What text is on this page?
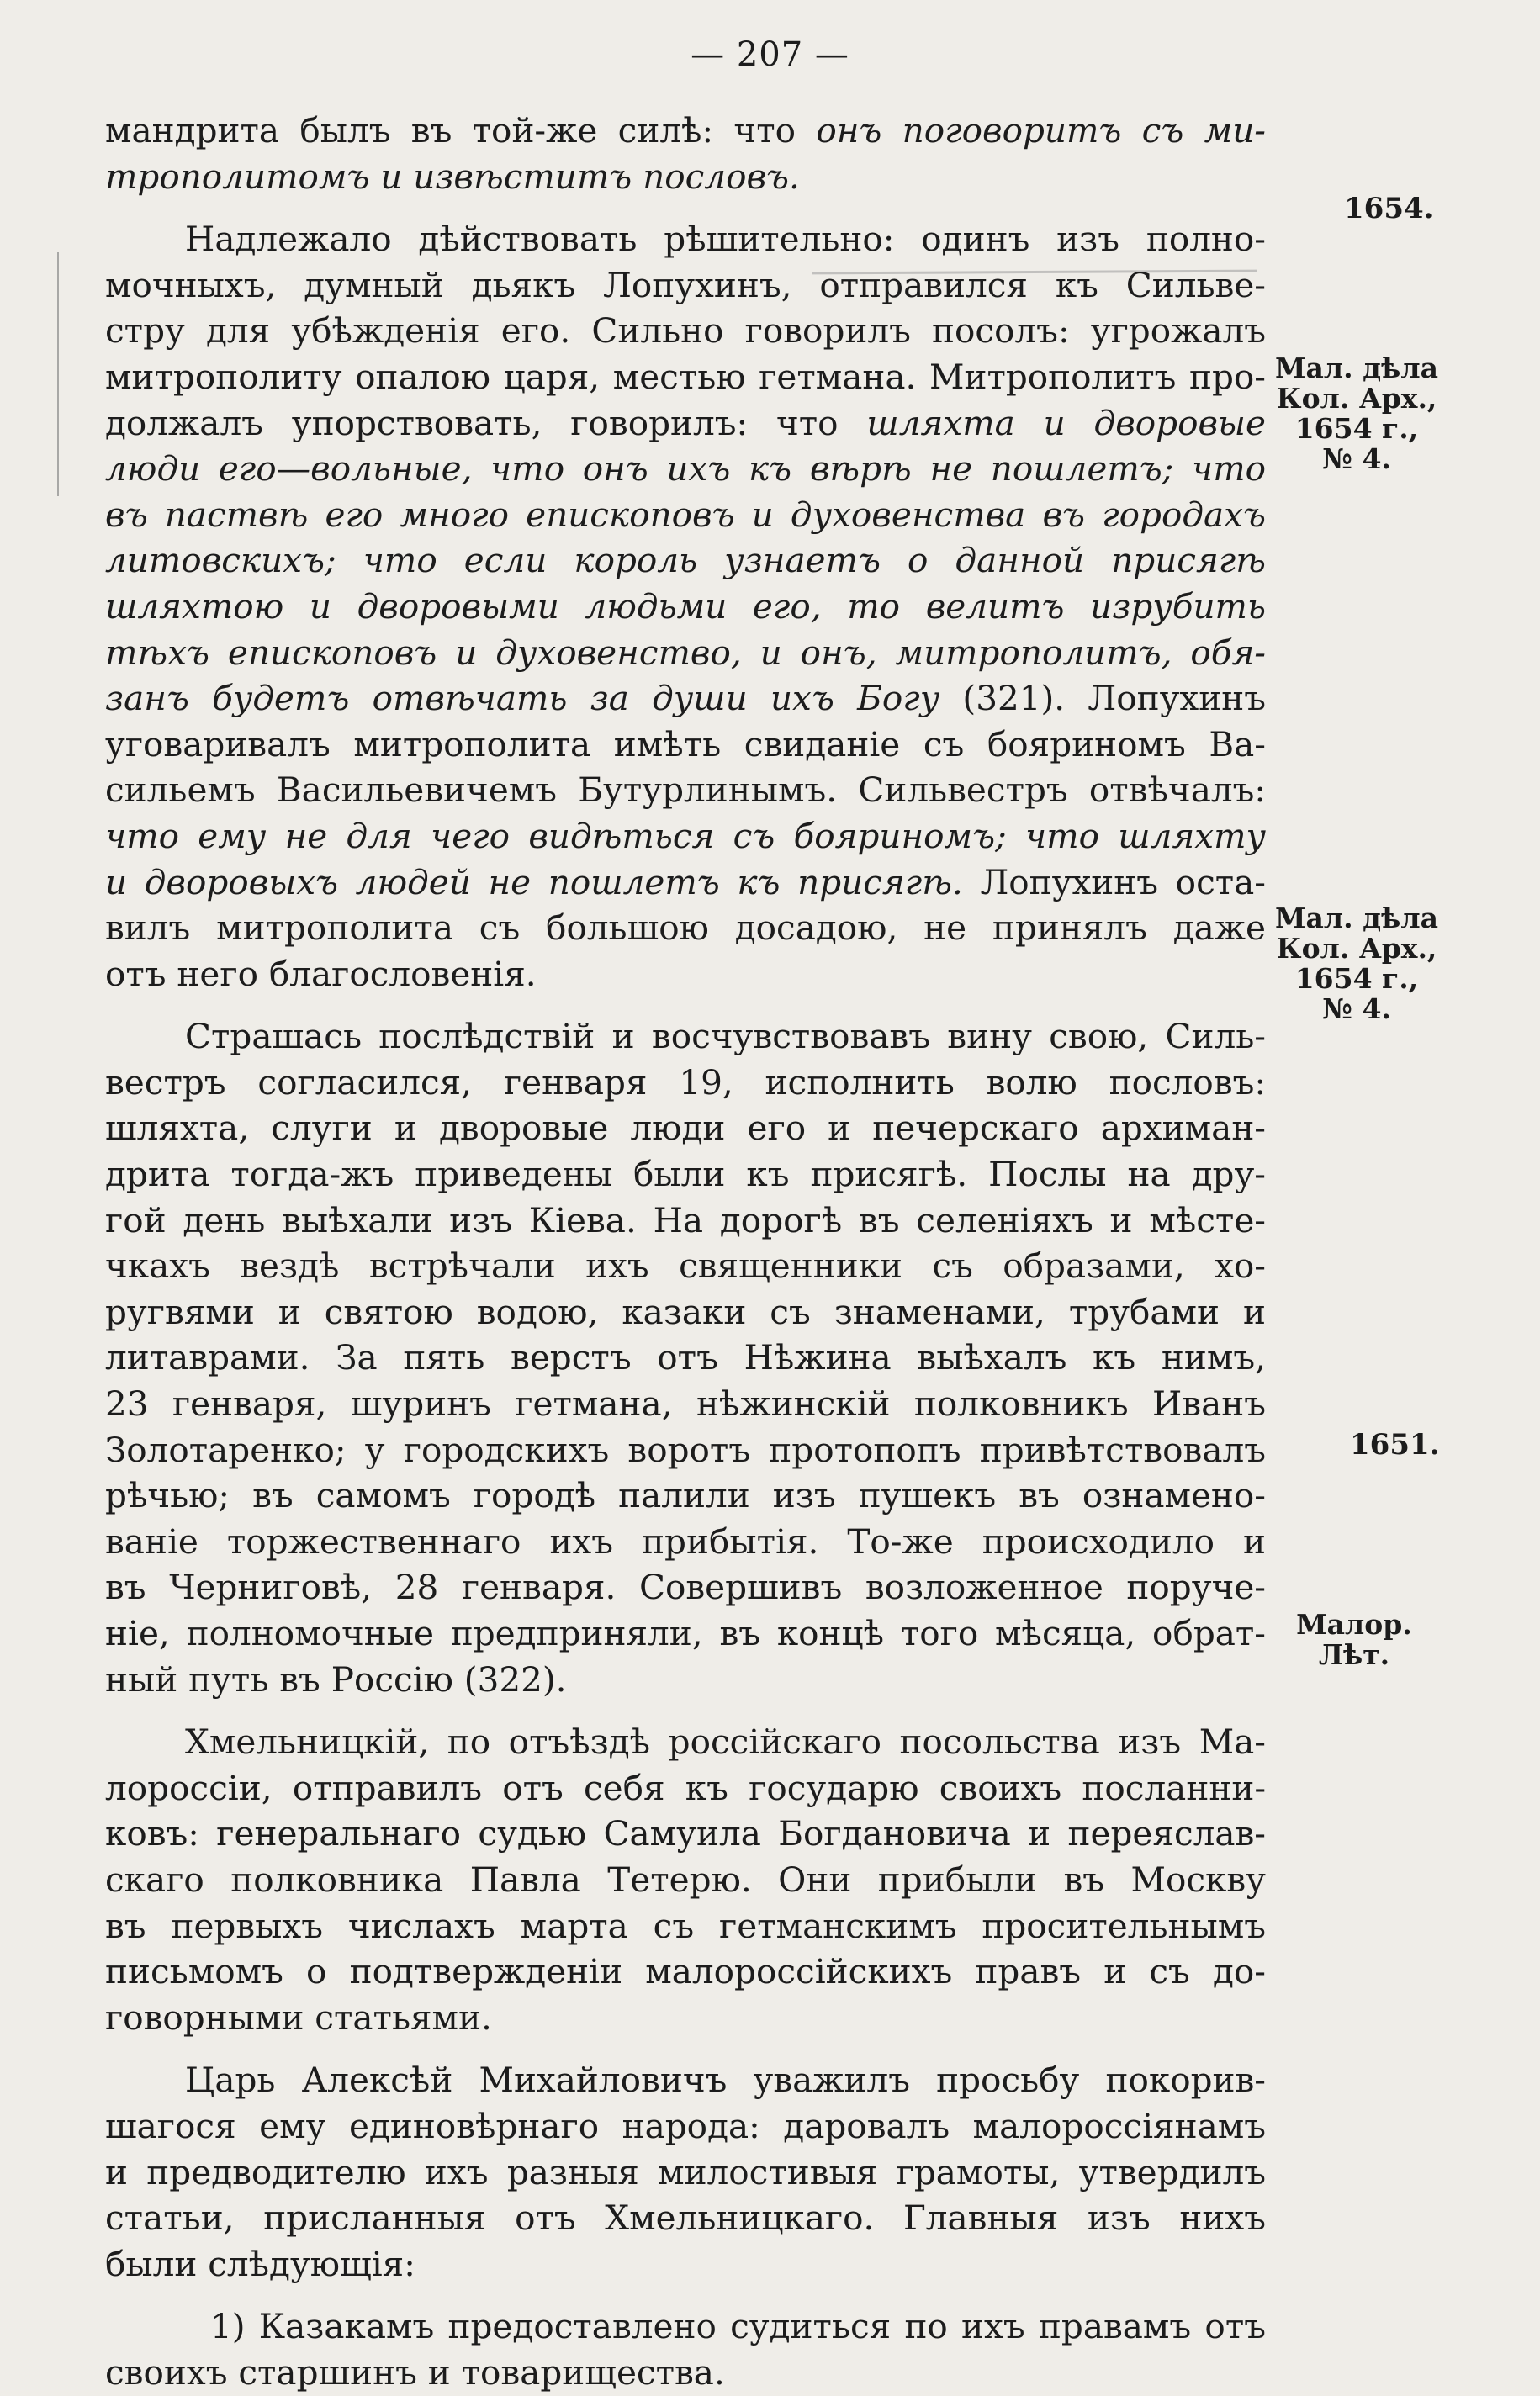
— 207 —
мандрита былъ въ той-же силѣ: что онъ поговоритъ съ ми-
трополитомъ и извѣститъ пословъ.
Надлежало дѣйствовать рѣшительно: одинъ изъ полно-
мочныхъ, думный дьякъ Лопухинъ, отправился къ Сильве-
стру для убѣжденія его. Сильно говорилъ посолъ: угрожалъ
митрополиту опалою царя, местью гетмана. Митрополитъ про-
должалъ упорствовать, говорилъ: что шляхта и дворовые
люди его—вольные, что онъ ихъ къ вѣрѣ не пошлетъ; что
въ паствѣ его много епископовъ и духовенства въ городахъ
литовскихъ; что если король узнаетъ о данной присягѣ
шляхтою и дворовыми людьми его, то велитъ изрубить
тѣхъ епископовъ и духовенство, и онъ, митрополитъ, обя-
занъ будетъ отвѣчать за души ихъ Богу (321). Лопухинъ
уговаривалъ митрополита имѣть свиданіе съ бояриномъ Ва-
сильемъ Васильевичемъ Бутурлинымъ. Сильвестръ отвѣчалъ:
что ему не для чего видѣться съ бояриномъ; что шляхту
и дворовыхъ людей не пошлетъ къ присягѣ. Лопухинъ оста-
вилъ митрополита съ большою досадою, не принялъ даже
отъ него благословенія.
Страшась послѣдствій и восчувствовавъ вину свою, Силь-
вестръ согласился, генваря 19, исполнить волю пословъ:
шляхта, слуги и дворовые люди его и печерскаго архиман-
дрита тогда-жъ приведены были къ присягѣ. Послы на дру-
гой день выѣхали изъ Кіева. На дорогѣ въ селеніяхъ и мѣсте-
чкахъ вездѣ встрѣчали ихъ священники съ образами, хо-
ругвями и святою водою, казаки съ знаменами, трубами и
литаврами. За пять верстъ отъ Нѣжина выѣхалъ къ нимъ,
23 генваря, шуринъ гетмана, нѣжинскій полковникъ Иванъ
Золотаренко; у городскихъ воротъ протопопъ привѣтствовалъ
рѣчью; въ самомъ городѣ палили изъ пушекъ въ ознамено-
ваніе торжественнаго ихъ прибытія. То-же происходило и
въ Черниговѣ, 28 генваря. Совершивъ возложенное поруче-
ніе, полномочные предприняли, въ концѣ того мѣсяца, обрат-
ный путь въ Россію (322).
Хмельницкій, по отъѣздѣ россійскаго посольства изъ Ма-
лороссіи, отправилъ отъ себя къ государю своихъ посланни-
ковъ: генеральнаго судью Самуила Богдановича и переяслав-
скаго полковника Павла Тетерю. Они прибыли въ Москву
въ первыхъ числахъ марта съ гетманскимъ просительнымъ
письмомъ о подтвержденіи малороссійскихъ правъ и съ до-
говорными статьями.
Царь Алексѣй Михайловичъ уважилъ просьбу покорив-
шагося ему единовѣрнаго народа: даровалъ малороссіянамъ
и предводителю ихъ разныя милостивыя грамоты, утвердилъ
статьи, присланныя отъ Хмельницкаго. Главныя изъ нихъ
были слѣдующія:
1) Казакамъ предоставлено судиться по ихъ правамъ отъ
своихъ старшинъ и товарищества.
1654.
Мал. дѣла
Кол. Арх.,
1654 г.,
№ 4.
Мал. дѣла
Кол. Арх.,
1654 г.,
№ 4.
1651.
Малор.
Лѣт.
